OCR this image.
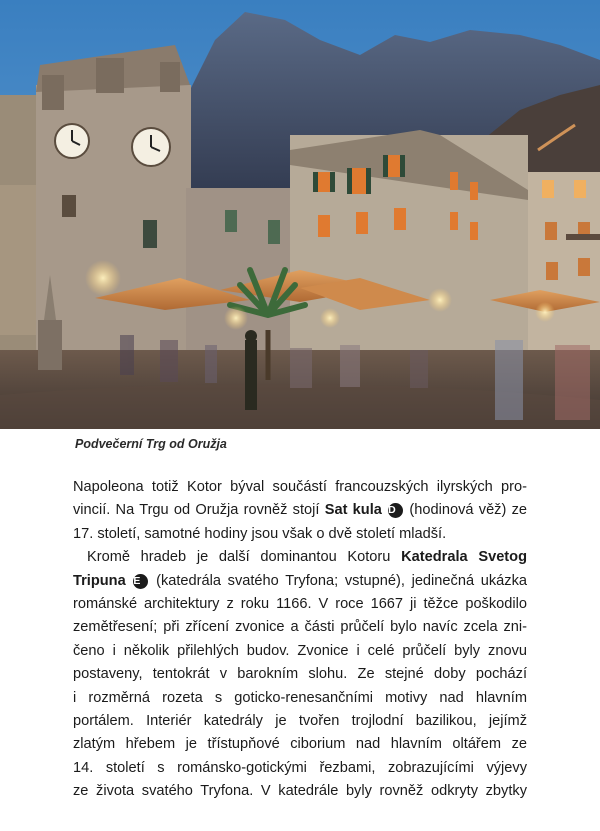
Podvečerní Trg od Oružja
Napoleona totiž Kotor býval součástí francouzských ilyrských pro-
vincií. Na Trgu od Oružja rovněž stojí Sat kula D (hodinová věž) ze
17. století, samotné hodiny jsou však o dvě století mladší.
Kromě hradeb je další dominantou Kotoru Katedrala Svetog
Tripuna E (katedrála svatého Tryfona; vstupné), jedinečná ukázka
románské architektury z roku 1166. V roce 1667 ji těžce poškodilo
zemětřesení; při zřícení zvonice a části průčelí bylo navíc zcela zni-
čeno i několik přilehlých budov. Zvonice i celé průčelí byly znovu
postaveny, tentokrát v barokním slohu. Ze stejné doby pochází
i rozměrná rozeta s goticko-renesančními motivy nad hlavním
portálem. Interiér katedrály je tvořen trojlodní bazilikou, jejímž
zlatým hřebem je třístupňové ciborium nad hlavním oltářem ze
14. století s románsko-gotickými řezbami, zobrazujícími výjevy
ze života svatého Tryfona. V katedrále byly rovněž odkryty zbytky
